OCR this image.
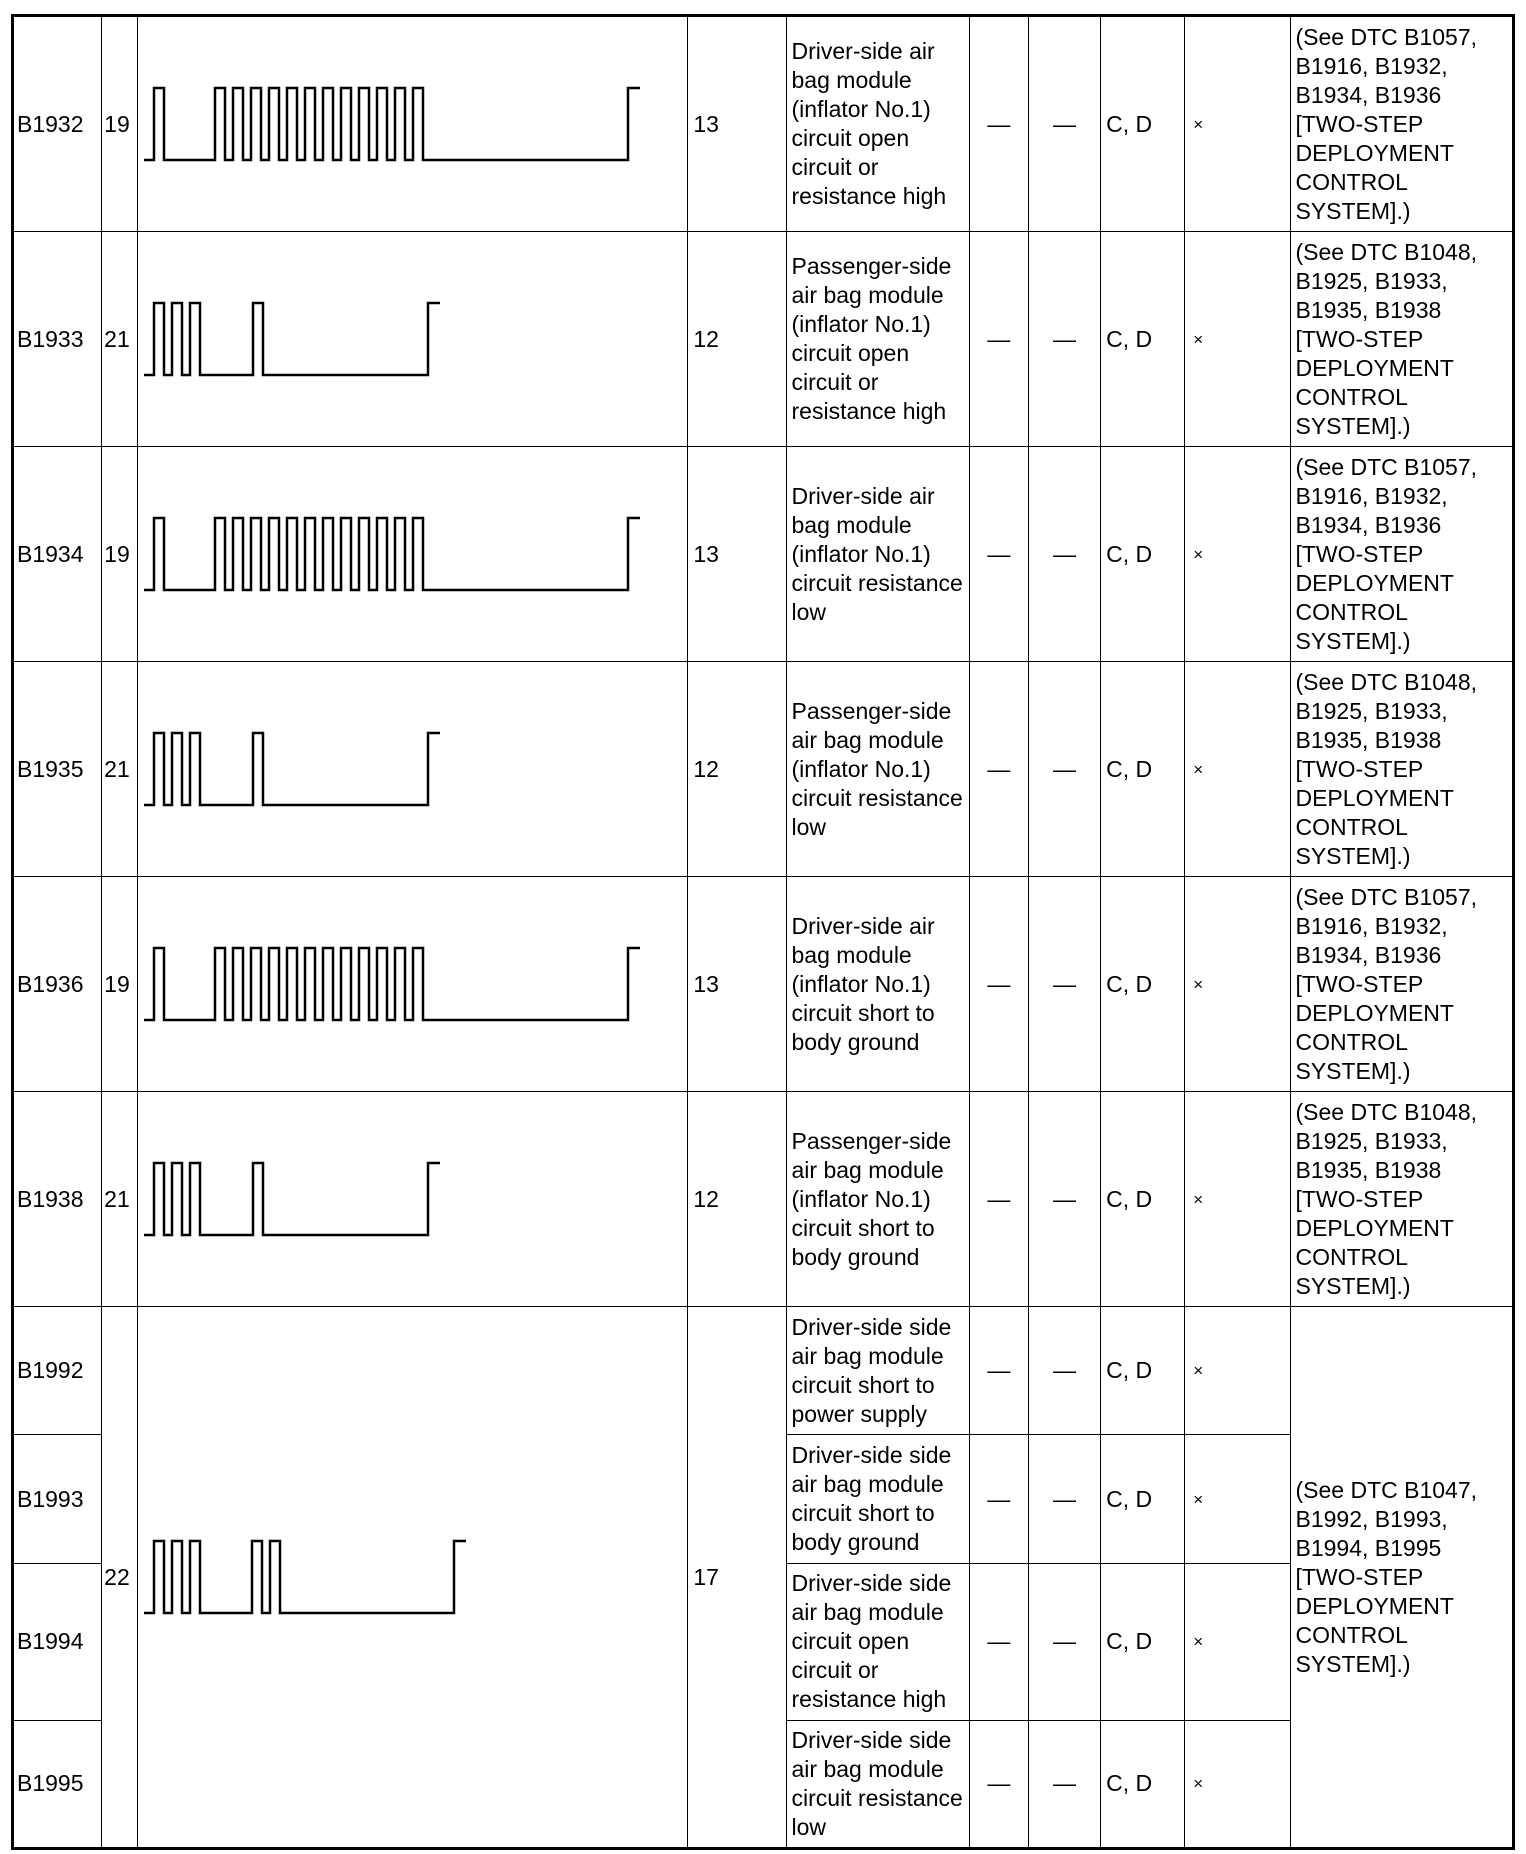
B1932	19		13	Driver-side air bag module (inflator No.1) circuit open circuit or resistance high	—	—	C, D	×	(See DTC B1057, B1916, B1932, B1934, B1936 [TWO-STEP DEPLOYMENT CONTROL SYSTEM].)
B1933	21		12	Passenger-side air bag module (inflator No.1) circuit open circuit or resistance high	—	—	C, D	×	(See DTC B1048, B1925, B1933, B1935, B1938 [TWO-STEP DEPLOYMENT CONTROL SYSTEM].)
B1934	19		13	Driver-side air bag module (inflator No.1) circuit resistance low	—	—	C, D	×	(See DTC B1057, B1916, B1932, B1934, B1936 [TWO-STEP DEPLOYMENT CONTROL SYSTEM].)
B1935	21		12	Passenger-side air bag module (inflator No.1) circuit resistance low	—	—	C, D	×	(See DTC B1048, B1925, B1933, B1935, B1938 [TWO-STEP DEPLOYMENT CONTROL SYSTEM].)
B1936	19		13	Driver-side air bag module (inflator No.1) circuit short to body ground	—	—	C, D	×	(See DTC B1057, B1916, B1932, B1934, B1936 [TWO-STEP DEPLOYMENT CONTROL SYSTEM].)
B1938	21		12	Passenger-side air bag module (inflator No.1) circuit short to body ground	—	—	C, D	×	(See DTC B1048, B1925, B1933, B1935, B1938 [TWO-STEP DEPLOYMENT CONTROL SYSTEM].)
B1992	22		17	Driver-side side air bag module circuit short to power supply	—	—	C, D	×	(See DTC B1047, B1992, B1993, B1994, B1995 [TWO-STEP DEPLOYMENT CONTROL SYSTEM].)
B1993				Driver-side side air bag module circuit short to body ground	—	—	C, D	×	
B1994				Driver-side side air bag module circuit open circuit or resistance high	—	—	C, D	×	
B1995				Driver-side side air bag module circuit resistance low	—	—	C, D	×	
